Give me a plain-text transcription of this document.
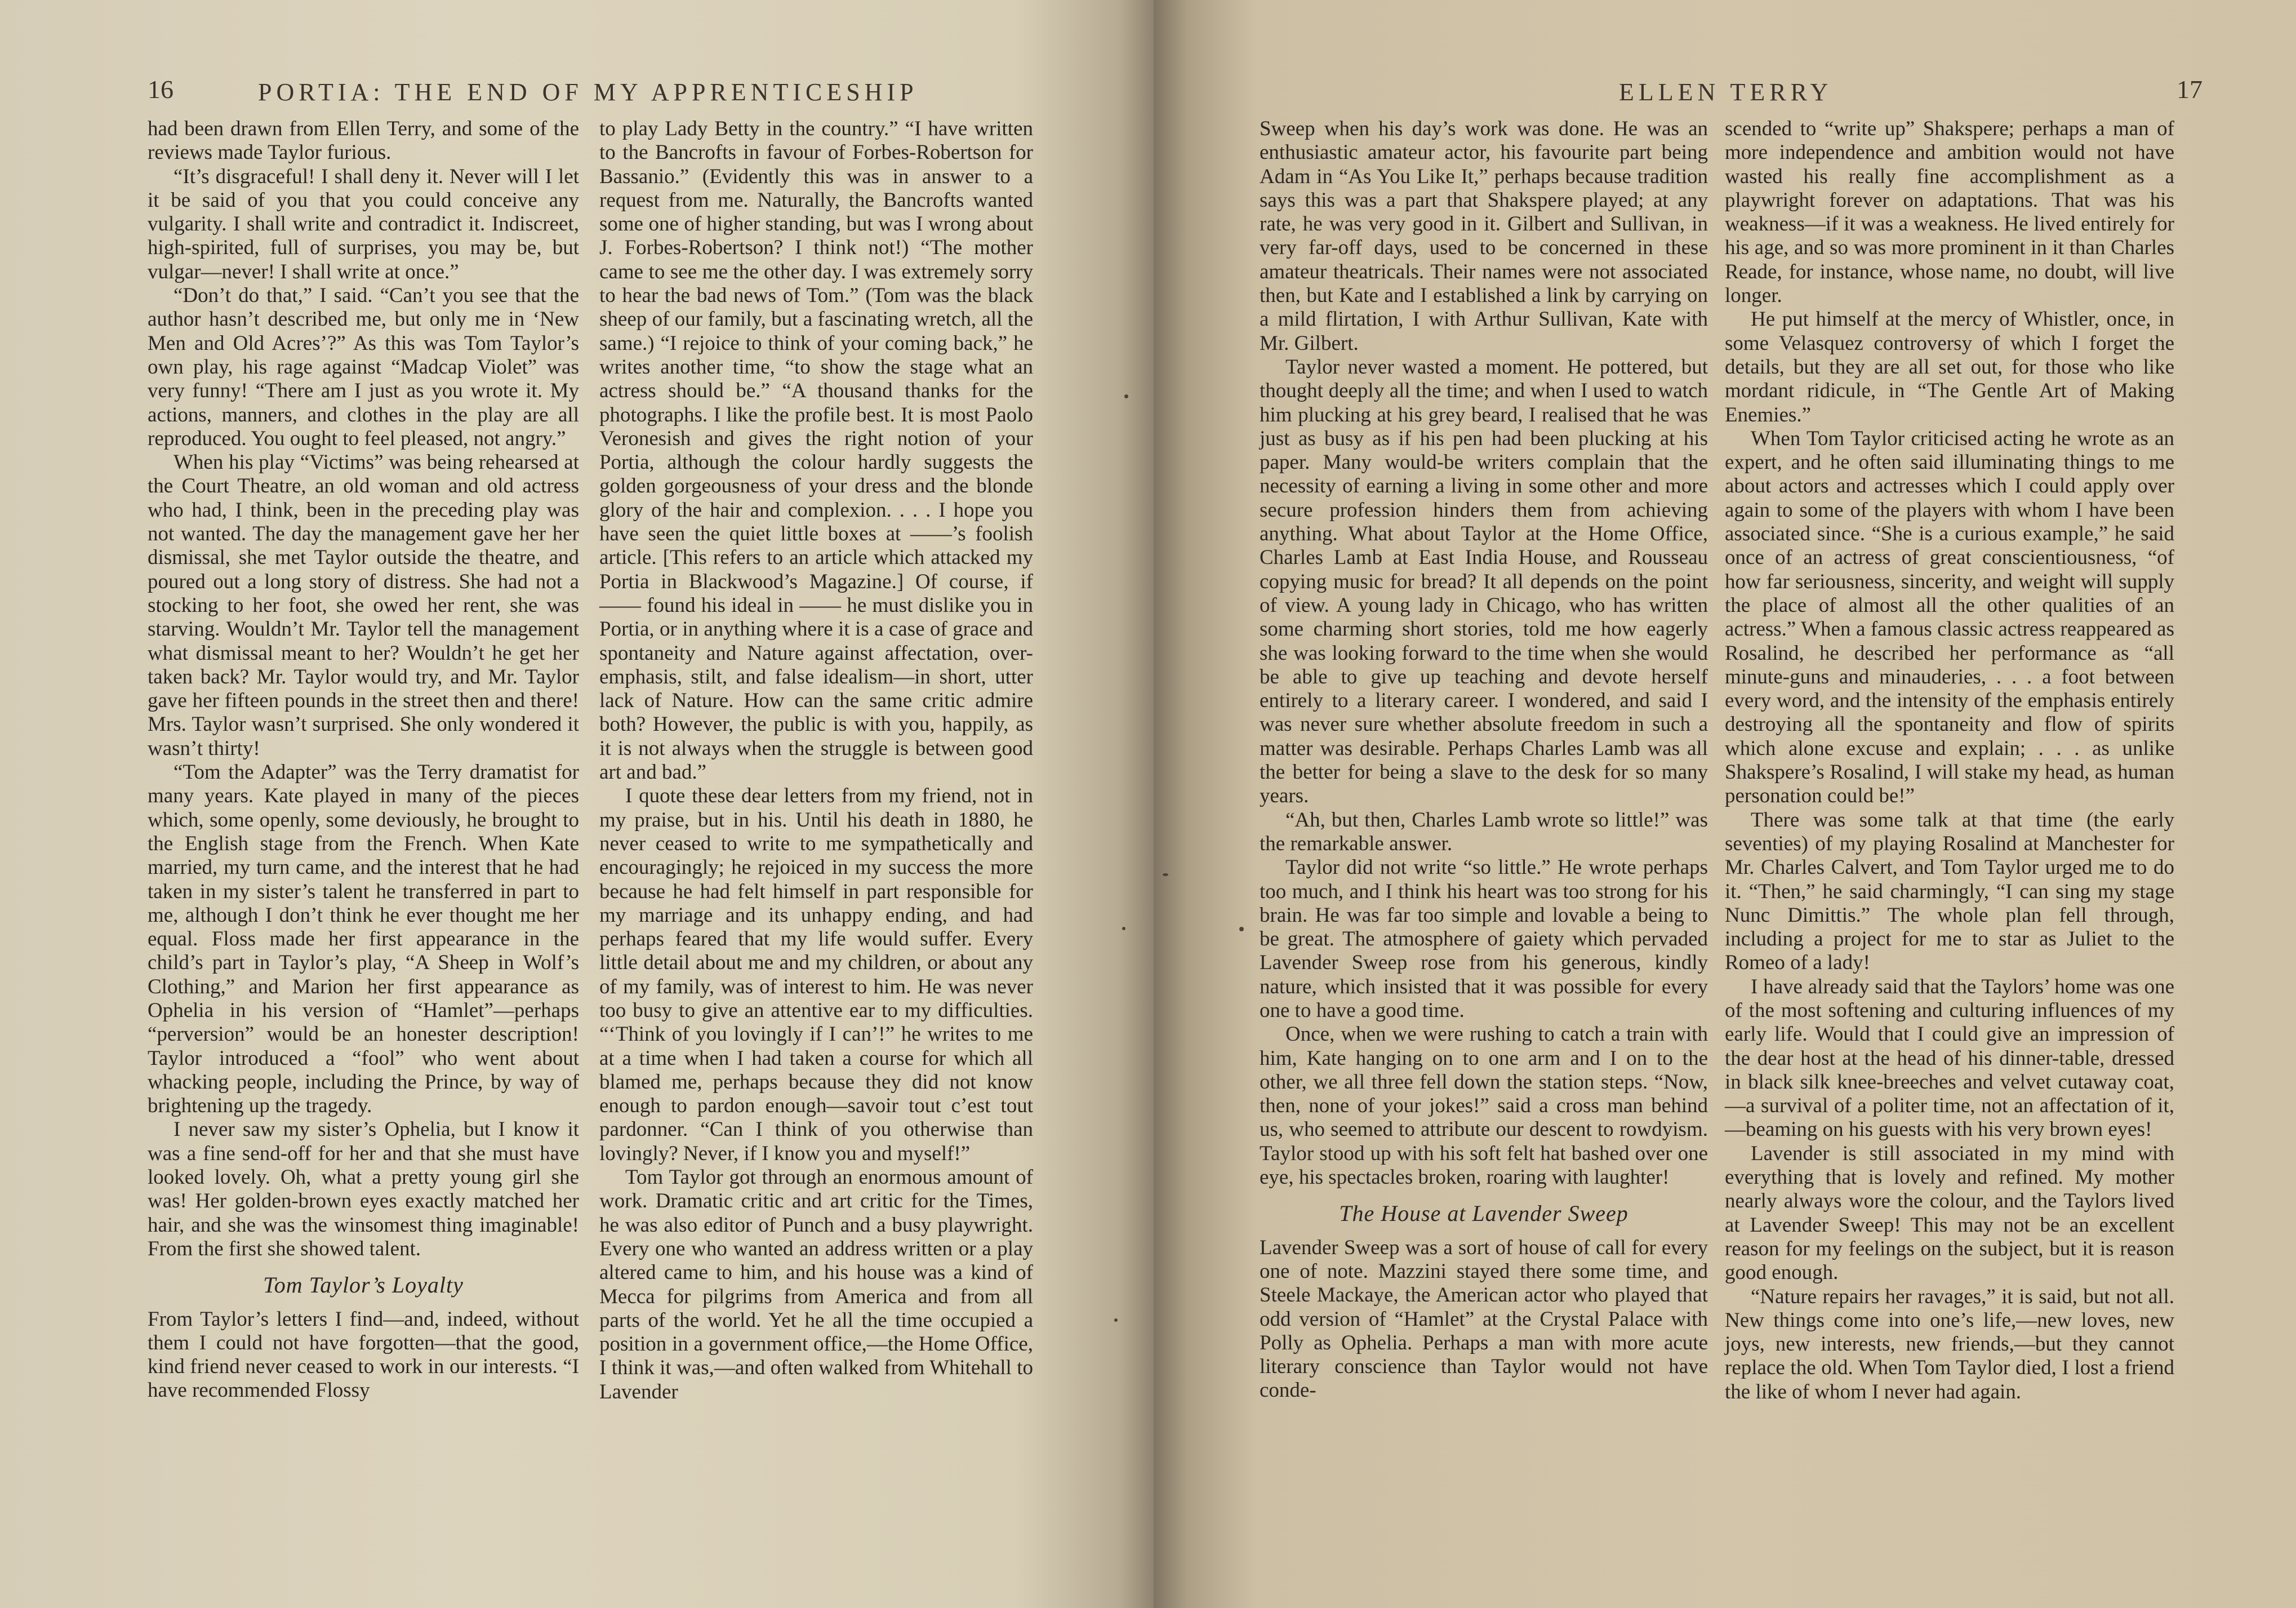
16	PORTIA: THE END OF MY APPRENTICESHIP

had been drawn from Ellen Terry, and some of the reviews made Taylor furious.

“It’s disgraceful! I shall deny it. Never will I let it be said of you that you could conceive any vulgarity. I shall write and contradict it. Indiscreet, high-spirited, full of surprises, you may be, but vulgar—never! I shall write at once.”

“Don’t do that,” I said. “Can’t you see that the author hasn’t described me, but only me in ‘New Men and Old Acres’?” As this was Tom Taylor’s own play, his rage against “Madcap Violet” was very funny! “There am I just as you wrote it. My actions, manners, and clothes in the play are all reproduced. You ought to feel pleased, not angry.”

When his play “Victims” was being rehearsed at the Court Theatre, an old woman and old actress who had, I think, been in the preceding play was not wanted. The day the management gave her her dismissal, she met Taylor outside the theatre, and poured out a long story of distress. She had not a stocking to her foot, she owed her rent, she was starving. Wouldn’t Mr. Taylor tell the management what dismissal meant to her? Wouldn’t he get her taken back? Mr. Taylor would try, and Mr. Taylor gave her fifteen pounds in the street then and there! Mrs. Taylor wasn’t surprised. She only wondered it wasn’t thirty!

“Tom the Adapter” was the Terry dramatist for many years. Kate played in many of the pieces which, some openly, some deviously, he brought to the English stage from the French. When Kate married, my turn came, and the interest that he had taken in my sister’s talent he transferred in part to me, although I don’t think he ever thought me her equal. Floss made her first appearance in the child’s part in Taylor’s play, “A Sheep in Wolf’s Clothing,” and Marion her first appearance as Ophelia in his version of “Hamlet”—perhaps “perversion” would be an honester description! Taylor introduced a “fool” who went about whacking people, including the Prince, by way of brightening up the tragedy.

I never saw my sister’s Ophelia, but I know it was a fine send-off for her and that she must have looked lovely. Oh, what a pretty young girl she was! Her golden-brown eyes exactly matched her hair, and she was the winsomest thing imaginable! From the first she showed talent.

Tom Taylor’s Loyalty

From Taylor’s letters I find—and, indeed, without them I could not have forgotten—that the good, kind friend never ceased to work in our interests. “I have recommended Flossy

to play Lady Betty in the country.” “I have written to the Bancrofts in favour of Forbes-Robertson for Bassanio.” (Evidently this was in answer to a request from me. Naturally, the Bancrofts wanted some one of higher standing, but was I wrong about J. Forbes-Robertson? I think not!) “The mother came to see me the other day. I was extremely sorry to hear the bad news of Tom.” (Tom was the black sheep of our family, but a fascinating wretch, all the same.) “I rejoice to think of your coming back,” he writes another time, “to show the stage what an actress should be.” “A thousand thanks for the photographs. I like the profile best. It is most Paolo Veronesish and gives the right notion of your Portia, although the colour hardly suggests the golden gorgeousness of your dress and the blonde glory of the hair and complexion. . . . I hope you have seen the quiet little boxes at ——’s foolish article. [This refers to an article which attacked my Portia in Blackwood’s Magazine.] Of course, if —— found his ideal in —— he must dislike you in Portia, or in anything where it is a case of grace and spontaneity and Nature against affectation, over-emphasis, stilt, and false idealism—in short, utter lack of Nature. How can the same critic admire both? However, the public is with you, happily, as it is not always when the struggle is between good art and bad.”

I quote these dear letters from my friend, not in my praise, but in his. Until his death in 1880, he never ceased to write to me sympathetically and encouragingly; he rejoiced in my success the more because he had felt himself in part responsible for my marriage and its unhappy ending, and had perhaps feared that my life would suffer. Every little detail about me and my children, or about any of my family, was of interest to him. He was never too busy to give an attentive ear to my difficulties. “‘Think of you lovingly if I can’!” he writes to me at a time when I had taken a course for which all blamed me, perhaps because they did not know enough to pardon enough—savoir tout c’est tout pardonner. “Can I think of you otherwise than lovingly? Never, if I know you and myself!”

Tom Taylor got through an enormous amount of work. Dramatic critic and art critic for the Times, he was also editor of Punch and a busy playwright. Every one who wanted an address written or a play altered came to him, and his house was a kind of Mecca for pilgrims from America and from all parts of the world. Yet he all the time occupied a position in a government office,—the Home Office, I think it was,—and often walked from Whitehall to Lavender

ELLEN TERRY	17

Sweep when his day’s work was done. He was an enthusiastic amateur actor, his favourite part being Adam in “As You Like It,” perhaps because tradition says this was a part that Shakspere played; at any rate, he was very good in it. Gilbert and Sullivan, in very far-off days, used to be concerned in these amateur theatricals. Their names were not associated then, but Kate and I established a link by carrying on a mild flirtation, I with Arthur Sullivan, Kate with Mr. Gilbert.

Taylor never wasted a moment. He pottered, but thought deeply all the time; and when I used to watch him plucking at his grey beard, I realised that he was just as busy as if his pen had been plucking at his paper. Many would-be writers complain that the necessity of earning a living in some other and more secure profession hinders them from achieving anything. What about Taylor at the Home Office, Charles Lamb at East India House, and Rousseau copying music for bread? It all depends on the point of view. A young lady in Chicago, who has written some charming short stories, told me how eagerly she was looking forward to the time when she would be able to give up teaching and devote herself entirely to a literary career. I wondered, and said I was never sure whether absolute freedom in such a matter was desirable. Perhaps Charles Lamb was all the better for being a slave to the desk for so many years.

“Ah, but then, Charles Lamb wrote so little!” was the remarkable answer.

Taylor did not write “so little.” He wrote perhaps too much, and I think his heart was too strong for his brain. He was far too simple and lovable a being to be great. The atmosphere of gaiety which pervaded Lavender Sweep rose from his generous, kindly nature, which insisted that it was possible for every one to have a good time.

Once, when we were rushing to catch a train with him, Kate hanging on to one arm and I on to the other, we all three fell down the station steps. “Now, then, none of your jokes!” said a cross man behind us, who seemed to attribute our descent to rowdyism. Taylor stood up with his soft felt hat bashed over one eye, his spectacles broken, roaring with laughter!

The House at Lavender Sweep

Lavender Sweep was a sort of house of call for every one of note. Mazzini stayed there some time, and Steele Mackaye, the American actor who played that odd version of “Hamlet” at the Crystal Palace with Polly as Ophelia. Perhaps a man with more acute literary conscience than Taylor would not have conde-

scended to “write up” Shakspere; perhaps a man of more independence and ambition would not have wasted his really fine accomplishment as a playwright forever on adaptations. That was his weakness—if it was a weakness. He lived entirely for his age, and so was more prominent in it than Charles Reade, for instance, whose name, no doubt, will live longer.

He put himself at the mercy of Whistler, once, in some Velasquez controversy of which I forget the details, but they are all set out, for those who like mordant ridicule, in “The Gentle Art of Making Enemies.”

When Tom Taylor criticised acting he wrote as an expert, and he often said illuminating things to me about actors and actresses which I could apply over again to some of the players with whom I have been associated since. “She is a curious example,” he said once of an actress of great conscientiousness, “of how far seriousness, sincerity, and weight will supply the place of almost all the other qualities of an actress.” When a famous classic actress reappeared as Rosalind, he described her performance as “all minute-guns and minauderies, . . . a foot between every word, and the intensity of the emphasis entirely destroying all the spontaneity and flow of spirits which alone excuse and explain; . . . as unlike Shakspere’s Rosalind, I will stake my head, as human personation could be!”

There was some talk at that time (the early seventies) of my playing Rosalind at Manchester for Mr. Charles Calvert, and Tom Taylor urged me to do it. “Then,” he said charmingly, “I can sing my stage Nunc Dimittis.” The whole plan fell through, including a project for me to star as Juliet to the Romeo of a lady!

I have already said that the Taylors’ home was one of the most softening and culturing influences of my early life. Would that I could give an impression of the dear host at the head of his dinner-table, dressed in black silk knee-breeches and velvet cutaway coat,—a survival of a politer time, not an affectation of it,—beaming on his guests with his very brown eyes!

Lavender is still associated in my mind with everything that is lovely and refined. My mother nearly always wore the colour, and the Taylors lived at Lavender Sweep! This may not be an excellent reason for my feelings on the subject, but it is reason good enough.

“Nature repairs her ravages,” it is said, but not all. New things come into one’s life,—new loves, new joys, new interests, new friends,—but they cannot replace the old. When Tom Taylor died, I lost a friend the like of whom I never had again.
